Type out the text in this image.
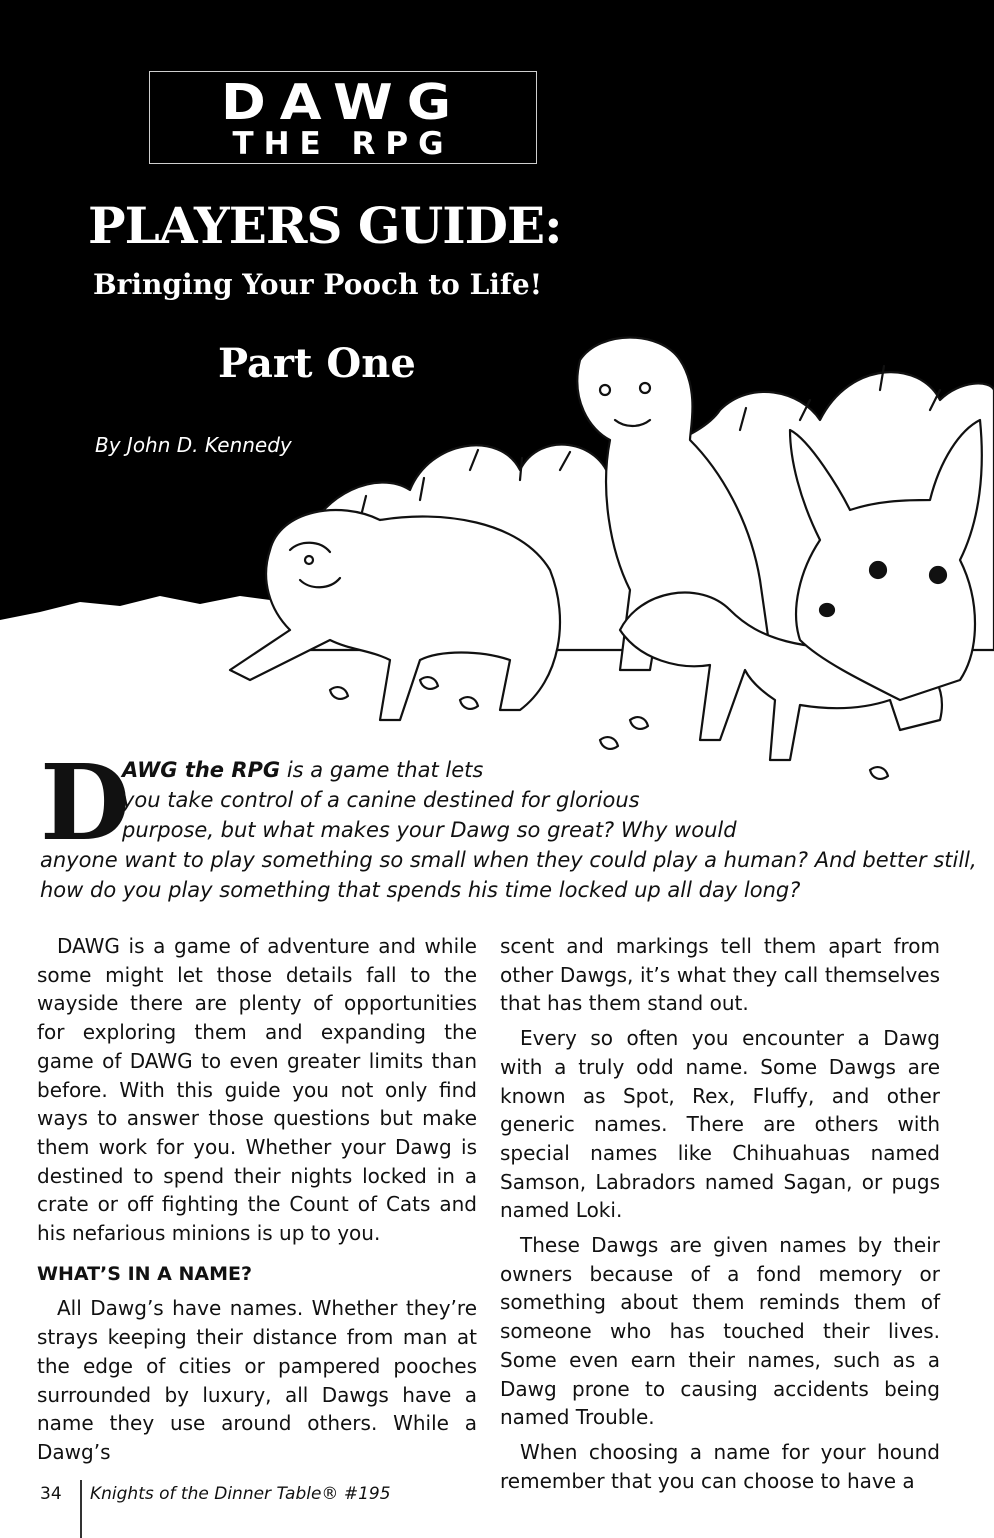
DAWG
THE RPG
PLAYERS GUIDE:
Bringing Your Pooch to Life!
Part One
By John D. Kennedy
D
AWG the RPG is a game that lets
you take control of a canine destined for glorious
purpose, but what makes your Dawg so great? Why would
anyone want to play something so small when they could play a human? And better still,
how do you play something that spends his time locked up all day long?

DAWG is a game of adventure and while some might let those details fall to the wayside there are plenty of opportunities for exploring them and expanding the game of DAWG to even greater limits than before. With this guide you not only find ways to answer those questions but make them work for you. Whether your Dawg is destined to spend their nights locked in a crate or off fighting the Count of Cats and his nefarious minions is up to you.

WHAT’S IN A NAME?

All Dawg’s have names. Whether they’re strays keeping their distance from man at the edge of cities or pampered pooches surrounded by luxury, all Dawgs have a name they use around others. While a Dawg’s

scent and markings tell them apart from other Dawgs, it’s what they call themselves that has them stand out.

Every so often you encounter a Dawg with a truly odd name. Some Dawgs are known as Spot, Rex, Fluffy, and other generic names. There are others with special names like Chihuahuas named Samson, Labradors named Sagan, or pugs named Loki.

These Dawgs are given names by their owners because of a fond memory or something about them reminds them of someone who has touched their lives. Some even earn their names, such as a Dawg prone to causing accidents being named Trouble.

When choosing a name for your hound remember that you can choose to have a

34 Knights of the Dinner Table® #195
